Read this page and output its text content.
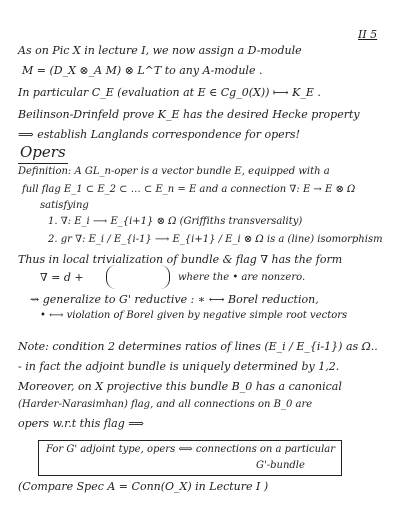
II 5
As on Pic X in lecture I, we now assign a D-module
M = (D_X ⊗_A M) ⊗ L^T to any A-module .
In particular C_E (evaluation at E ∈ Cg_0(X)) ⟼ K_E .
Beilinson-Drinfeld prove K_E has the desired Hecke property
⟹ establish Langlands correspondence for opers!
Opers
Definition: A GL_n-oper is a vector bundle E, equipped with a
full flag E_1 ⊂ E_2 ⊂ … ⊂ E_n = E and a connection ∇: E → E ⊗ Ω
satisfying
1. ∇: E_i ⟶ E_{i+1} ⊗ Ω (Griffiths transversality)
2. gr ∇: E_i / E_{i-1} ⟶ E_{i+1} / E_i ⊗ Ω is a (line) isomorphism
Thus in local trivialization of bundle & flag ∇ has the form
∇ = d +	where the • are nonzero.
⇝ generalize to G' reductive : ∗ ⟷ Borel reduction,
• ⟷ violation of Borel given by negative simple root vectors
Note: condition 2 determines ratios of lines (E_i / E_{i-1}) as Ω..
- in fact the adjoint bundle is uniquely determined by 1,2.
Moreover, on X projective this bundle B_0 has a canonical
(Harder-Narasimhan) flag, and all connections on B_0 are
opers w.r.t this flag ⟹
For G' adjoint type, opers ⟺ connections on a particular
G'-bundle
(Compare Spec A = Conn(O_X) in Lecture I )
